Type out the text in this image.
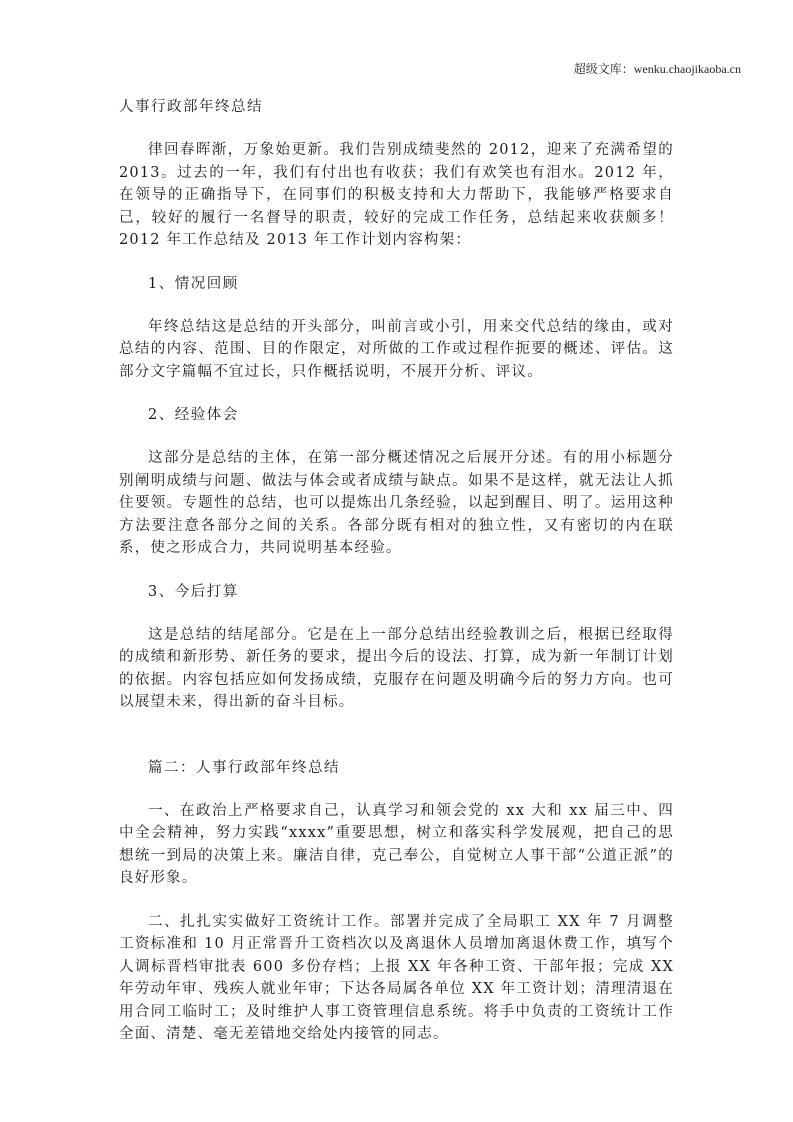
超级文库：wenku.chaojikaoba.cn
人事行政部年终总结

律回春晖渐，万象始更新。我们告别成绩斐然的 2012，迎来了充满希望的 2013。过去的一年，我们有付出也有收获；我们有欢笑也有泪水。2012 年，在领导的正确指导下，在同事们的积极支持和大力帮助下，我能够严格要求自己，较好的履行一名督导的职责，较好的完成工作任务，总结起来收获颇多！2012 年工作总结及 2013 年工作计划内容构架：

1、情况回顾

年终总结这是总结的开头部分，叫前言或小引，用来交代总结的缘由，或对总结的内容、范围、目的作限定，对所做的工作或过程作扼要的概述、评估。这部分文字篇幅不宜过长，只作概括说明，不展开分析、评议。

2、经验体会

这部分是总结的主体，在第一部分概述情况之后展开分述。有的用小标题分别阐明成绩与问题、做法与体会或者成绩与缺点。如果不是这样，就无法让人抓住要领。专题性的总结，也可以提炼出几条经验，以起到醒目、明了。运用这种方法要注意各部分之间的关系。各部分既有相对的独立性，又有密切的内在联系，使之形成合力，共同说明基本经验。

3、今后打算

这是总结的结尾部分。它是在上一部分总结出经验教训之后，根据已经取得的成绩和新形势、新任务的要求，提出今后的设法、打算，成为新一年制订计划的依据。内容包括应如何发扬成绩，克服存在问题及明确今后的努力方向。也可以展望未来，得出新的奋斗目标。

篇二：人事行政部年终总结

一、在政治上严格要求自己，认真学习和领会党的 xx 大和 xx 届三中、四中全会精神，努力实践“xxxx”重要思想，树立和落实科学发展观，把自己的思想统一到局的决策上来。廉洁自律，克己奉公，自觉树立人事干部“公道正派”的良好形象。

二、扎扎实实做好工资统计工作。部署并完成了全局职工 XX 年 7 月调整工资标准和 10 月正常晋升工资档次以及离退休人员增加离退休费工作，填写个人调标晋档审批表 600 多份存档；上报 XX 年各种工资、干部年报；完成 XX 年劳动年审、残疾人就业年审；下达各局属各单位 XX 年工资计划；清理清退在用合同工临时工；及时维护人事工资管理信息系统。将手中负责的工资统计工作全面、清楚、毫无差错地交给处内接管的同志。
